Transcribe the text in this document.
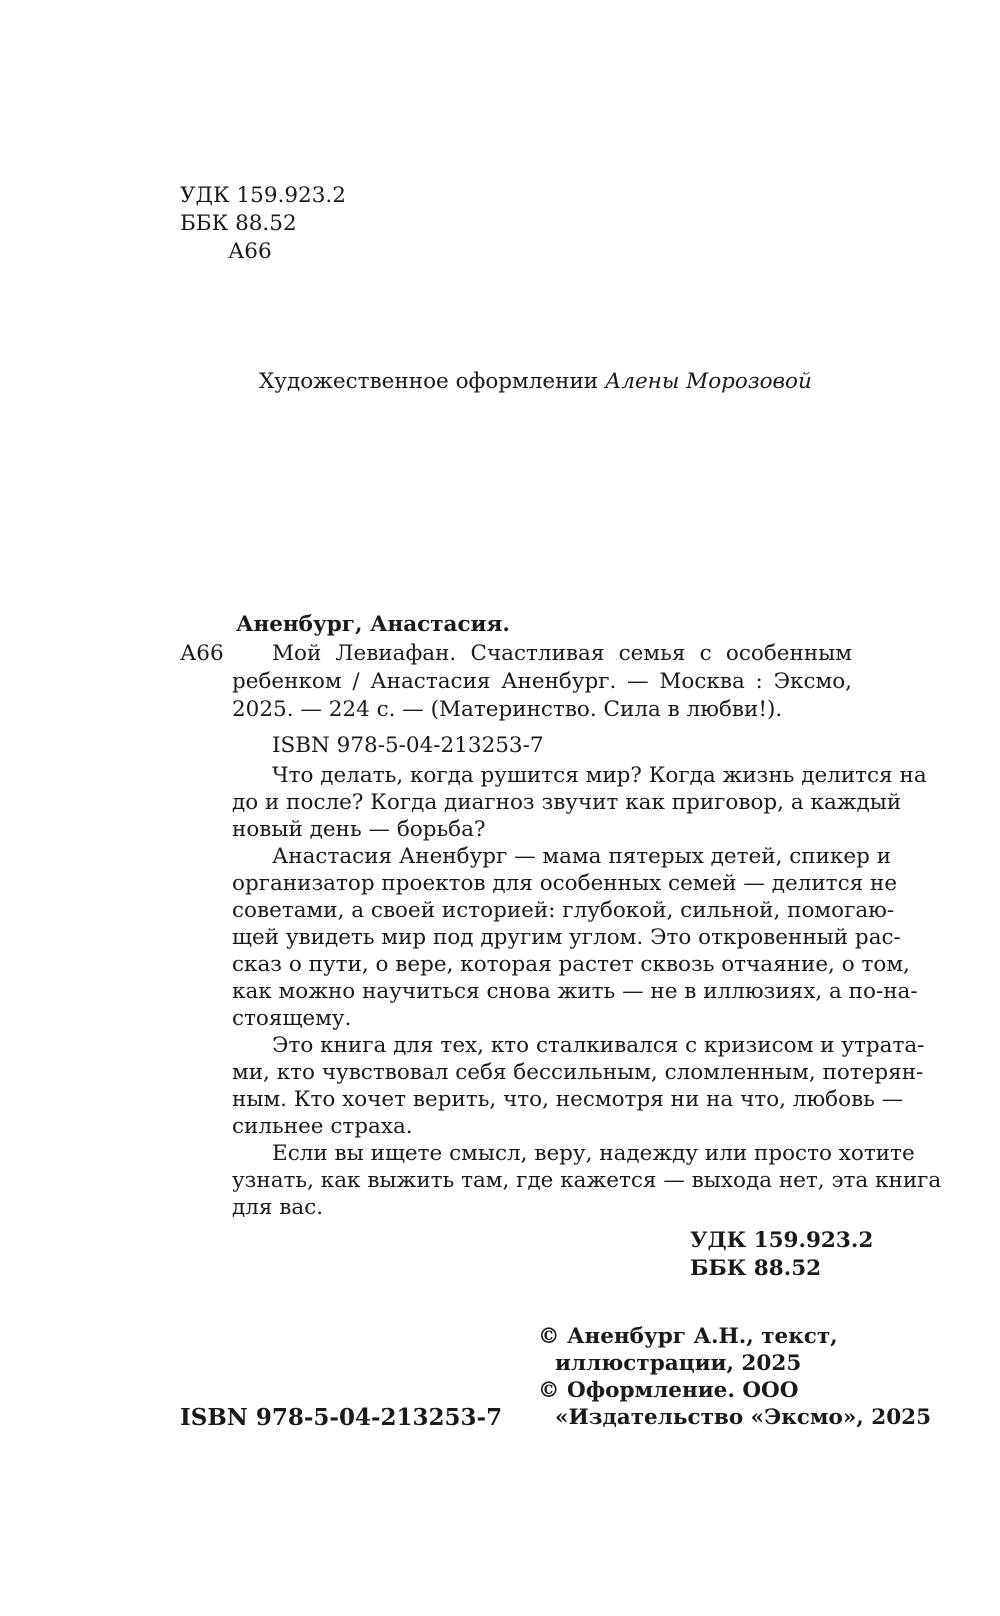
УДК 159.923.2
ББК 88.52
А66
Художественное оформлении Алены Морозовой
Аненбург, Анастасия.
А66 Мой Левиафан. Счастливая семья с особенным
ребенком / Анастасия Аненбург. — Москва : Эксмо,
2025. — 224 с. — (Материнство. Сила в любви!).
ISBN 978-5-04-213253-7
Что делать, когда рушится мир? Когда жизнь делится на
до и после? Когда диагноз звучит как приговор, а каждый
новый день — борьба?
Анастасия Аненбург — мама пятерых детей, спикер и
организатор проектов для особенных семей — делится не
советами, а своей историей: глубокой, сильной, помогаю-
щей увидеть мир под другим углом. Это откровенный рас-
сказ о пути, о вере, которая растет сквозь отчаяние, о том,
как можно научиться снова жить — не в иллюзиях, а по-на-
стоящему.
Это книга для тех, кто сталкивался с кризисом и утрата-
ми, кто чувствовал себя бессильным, сломленным, потерян-
ным. Кто хочет верить, что, несмотря ни на что, любовь —
сильнее страха.
Если вы ищете смысл, веру, надежду или просто хотите
узнать, как выжить там, где кажется — выхода нет, эта книга
для вас.
УДК 159.923.2
ББК 88.52
© Аненбург А.Н., текст,
иллюстрации, 2025
© Оформление. ООО
«Издательство «Эксмо», 2025
ISBN 978-5-04-213253-7
